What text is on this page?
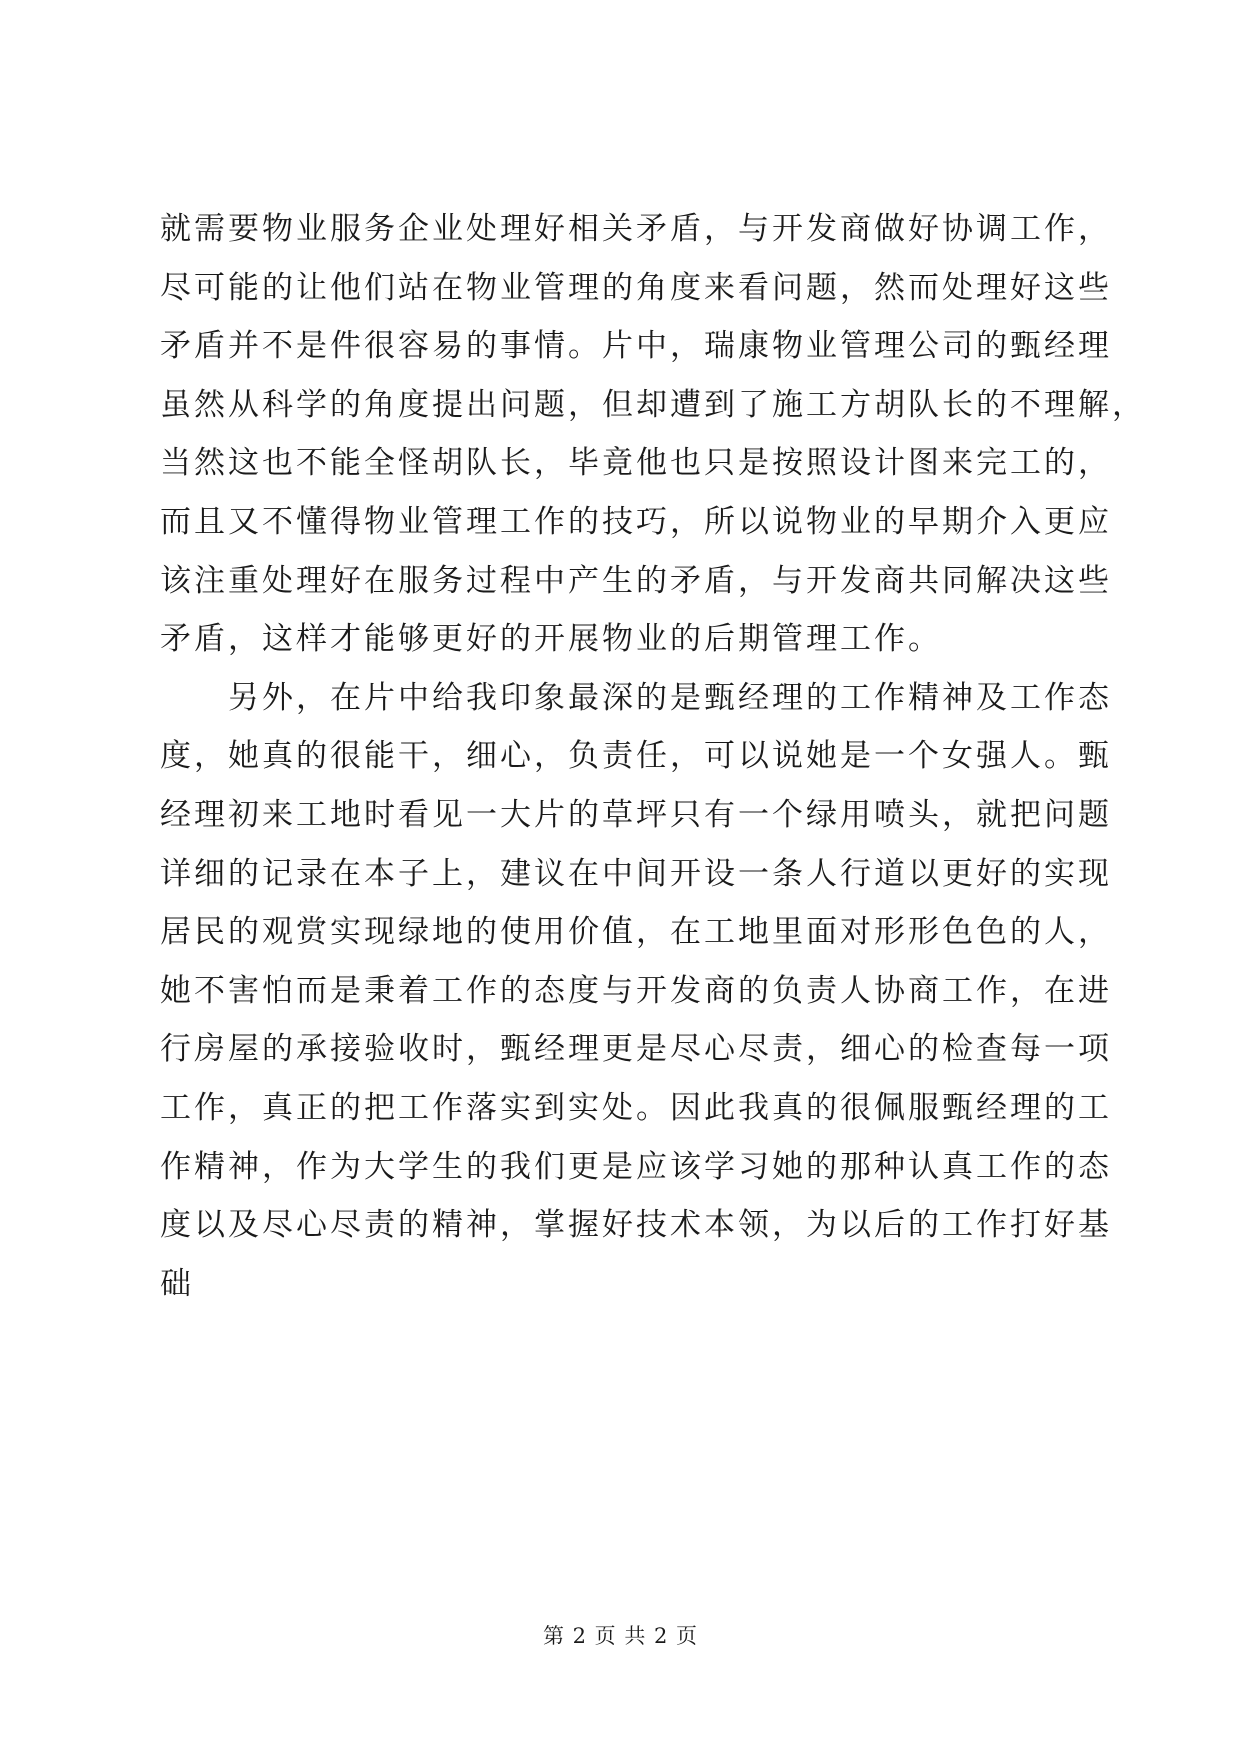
就需要物业服务企业处理好相关矛盾，与开发商做好协调工作，
尽可能的让他们站在物业管理的角度来看问题，然而处理好这些
矛盾并不是件很容易的事情。片中，瑞康物业管理公司的甄经理
虽然从科学的角度提出问题，但却遭到了施工方胡队长的不理解，
当然这也不能全怪胡队长，毕竟他也只是按照设计图来完工的，
而且又不懂得物业管理工作的技巧，所以说物业的早期介入更应
该注重处理好在服务过程中产生的矛盾，与开发商共同解决这些
矛盾，这样才能够更好的开展物业的后期管理工作。
另外，在片中给我印象最深的是甄经理的工作精神及工作态
度，她真的很能干，细心，负责任，可以说她是一个女强人。甄
经理初来工地时看见一大片的草坪只有一个绿用喷头，就把问题
详细的记录在本子上，建议在中间开设一条人行道以更好的实现
居民的观赏实现绿地的使用价值，在工地里面对形形色色的人，
她不害怕而是秉着工作的态度与开发商的负责人协商工作，在进
行房屋的承接验收时，甄经理更是尽心尽责，细心的检查每一项
工作，真正的把工作落实到实处。因此我真的很佩服甄经理的工
作精神，作为大学生的我们更是应该学习她的那种认真工作的态
度以及尽心尽责的精神，掌握好技术本领，为以后的工作打好基
础
第 2 页 共 2 页
